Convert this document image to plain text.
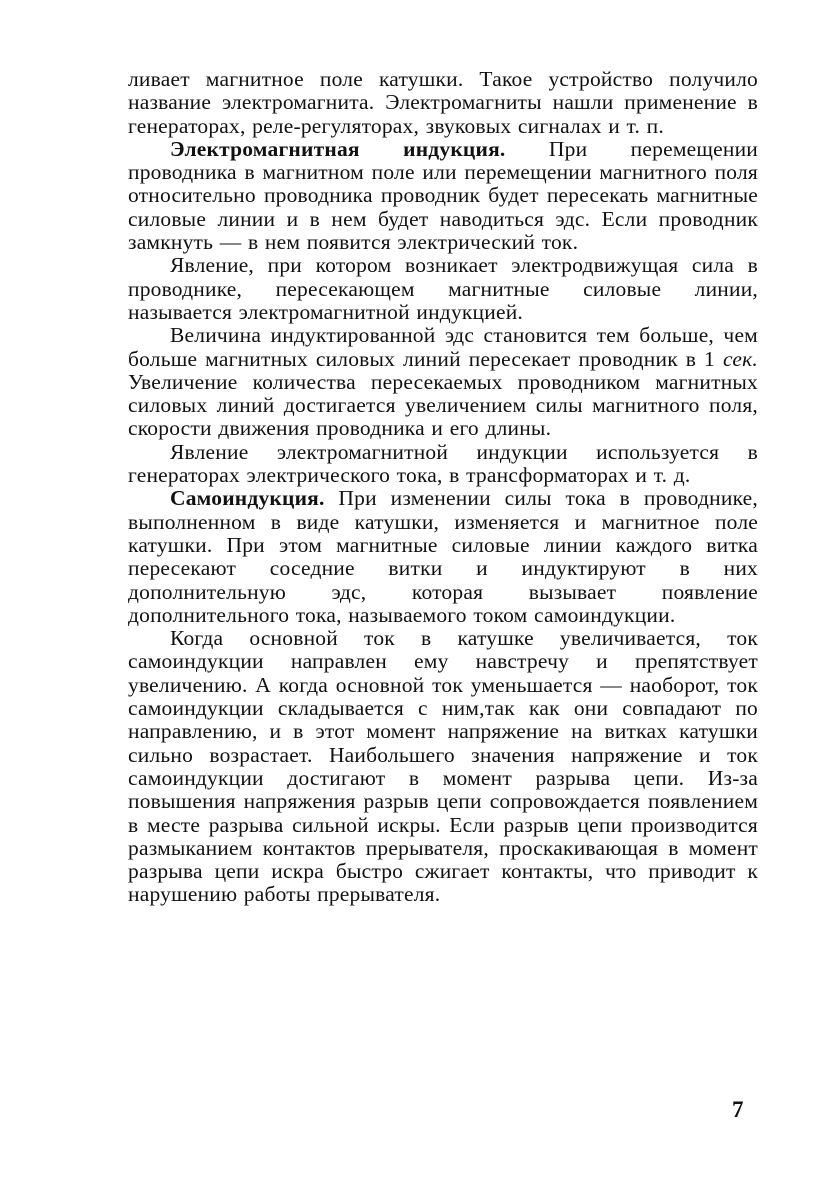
ливает магнитное поле катушки. Такое устройство получило название электромагнита. Электромагниты нашли применение в генераторах, реле-регуляторах, звуковых сигналах и т. п.

Электромагнитная индукция. При перемещении проводника в магнитном поле или перемещении магнитного поля относительно проводника проводник будет пересекать магнитные силовые линии и в нем будет наводиться эдс. Если проводник замкнуть — в нем появится электрический ток.

Явление, при котором возникает электродвижущая сила в проводнике, пересекающем магнитные силовые линии, называется электромагнитной индукцией.

Величина индуктированной эдс становится тем больше, чем больше магнитных силовых линий пересекает проводник в 1 сек. Увеличение количества пересекаемых проводником магнитных силовых линий достигается увеличением силы магнитного поля, скорости движения проводника и его длины.

Явление электромагнитной индукции используется в генераторах электрического тока, в трансформаторах и т. д.

Самоиндукция. При изменении силы тока в проводнике, выполненном в виде катушки, изменяется и магнитное поле катушки. При этом магнитные силовые линии каждого витка пересекают соседние витки и индуктируют в них дополнительную эдс, которая вызывает появление дополнительного тока, называемого током самоиндукции.

Когда основной ток в катушке увеличивается, ток самоиндукции направлен ему навстречу и препятствует увеличению. А когда основной ток уменьшается — наоборот, ток самоиндукции складывается с ним,так как они совпадают по направлению, и в этот момент напряжение на витках катушки сильно возрастает. Наибольшего значения напряжение и ток самоиндукции достигают в момент разрыва цепи. Из-за повышения напряжения разрыв цепи сопровождается появлением в месте разрыва сильной искры. Если разрыв цепи производится размыканием контактов прерывателя, проскакивающая в момент разрыва цепи искра быстро сжигает контакты, что приводит к нарушению работы прерывателя.

7
